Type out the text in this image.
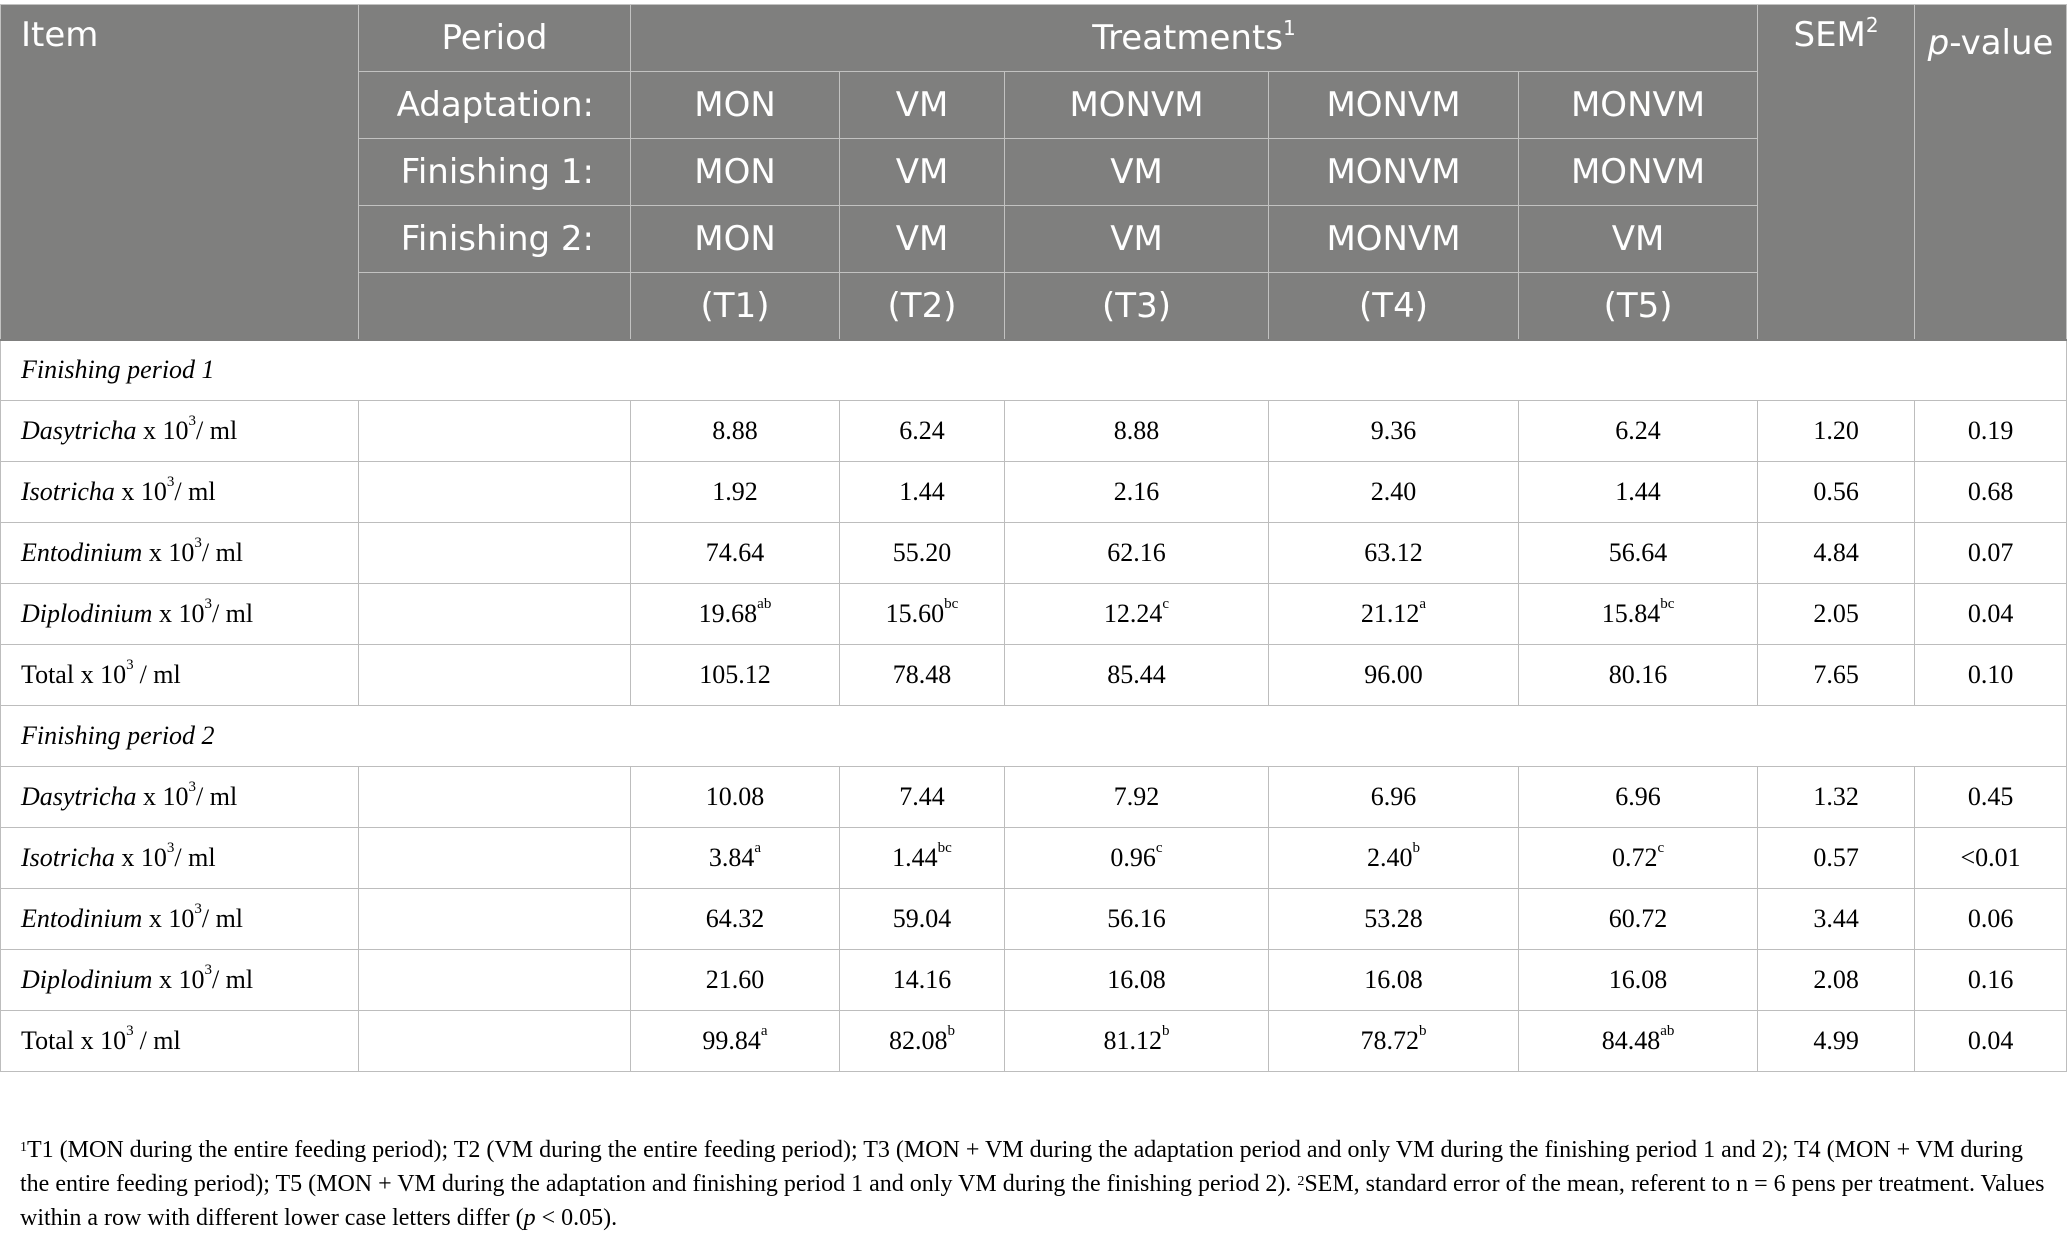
Item	Period	Treatments$^1$					SEM$^2$	p-value
	Adaptation:	MON	VM	MONVM	MONVM	MONVM		
	Finishing 1:	MON	VM	VM	MONVM	MONVM		
	Finishing 2:	MON	VM	VM	MONVM	VM		
		(T1)	(T2)	(T3)	(T4)	(T5)		
Finishing period 1								
Dasytricha x $10^3/$ ml		8.88	6.24	8.88	9.36	6.24	1.20	0.19
Isotricha x $10^3/$ ml		1.92	1.44	2.16	2.40	1.44	0.56	0.68
Entodinium x $10^3/$ ml		74.64	55.20	62.16	63.12	56.64	4.84	0.07
Diplodinium x $10^3/$ ml		19.68$^{ab}$	15.60$^{bc}$	12.24$^c$	21.12$^a$	15.84$^{bc}$	2.05	0.04
Total x $10^3$ / ml		105.12	78.48	85.44	96.00	80.16	7.65	0.10
Finishing period 2								
Dasytricha x $10^3/$ ml		10.08	7.44	7.92	6.96	6.96	1.32	0.45
Isotricha x $10^3/$ ml		3.84$^a$	1.44$^{bc}$	0.96$^c$	2.40$^b$	0.72$^c$	0.57	<0.01
Entodinium x $10^3/$ ml		64.32	59.04	56.16	53.28	60.72	3.44	0.06
Diplodinium x $10^3/$ ml		21.60	14.16	16.08	16.08	16.08	2.08	0.16
Total x $10^3$ / ml		99.84$^a$	82.08$^b$	81.12$^b$	78.72$^b$	84.48$^{ab}$	4.99	0.04
$^1$T1 (MON during the entire feeding period); T2 (VM during the entire feeding period); T3 (MON + VM during the adaptation period and only VM during the finishing period 1 and 2); T4 (MON + VM during the entire feeding period); T5 (MON + VM during the adaptation and finishing period 1 and only VM during the finishing period 2). $^2$SEM, standard error of the mean, referent to n = 6 pens per treatment. Values within a row with different lower case letters differ (p < 0.05).
